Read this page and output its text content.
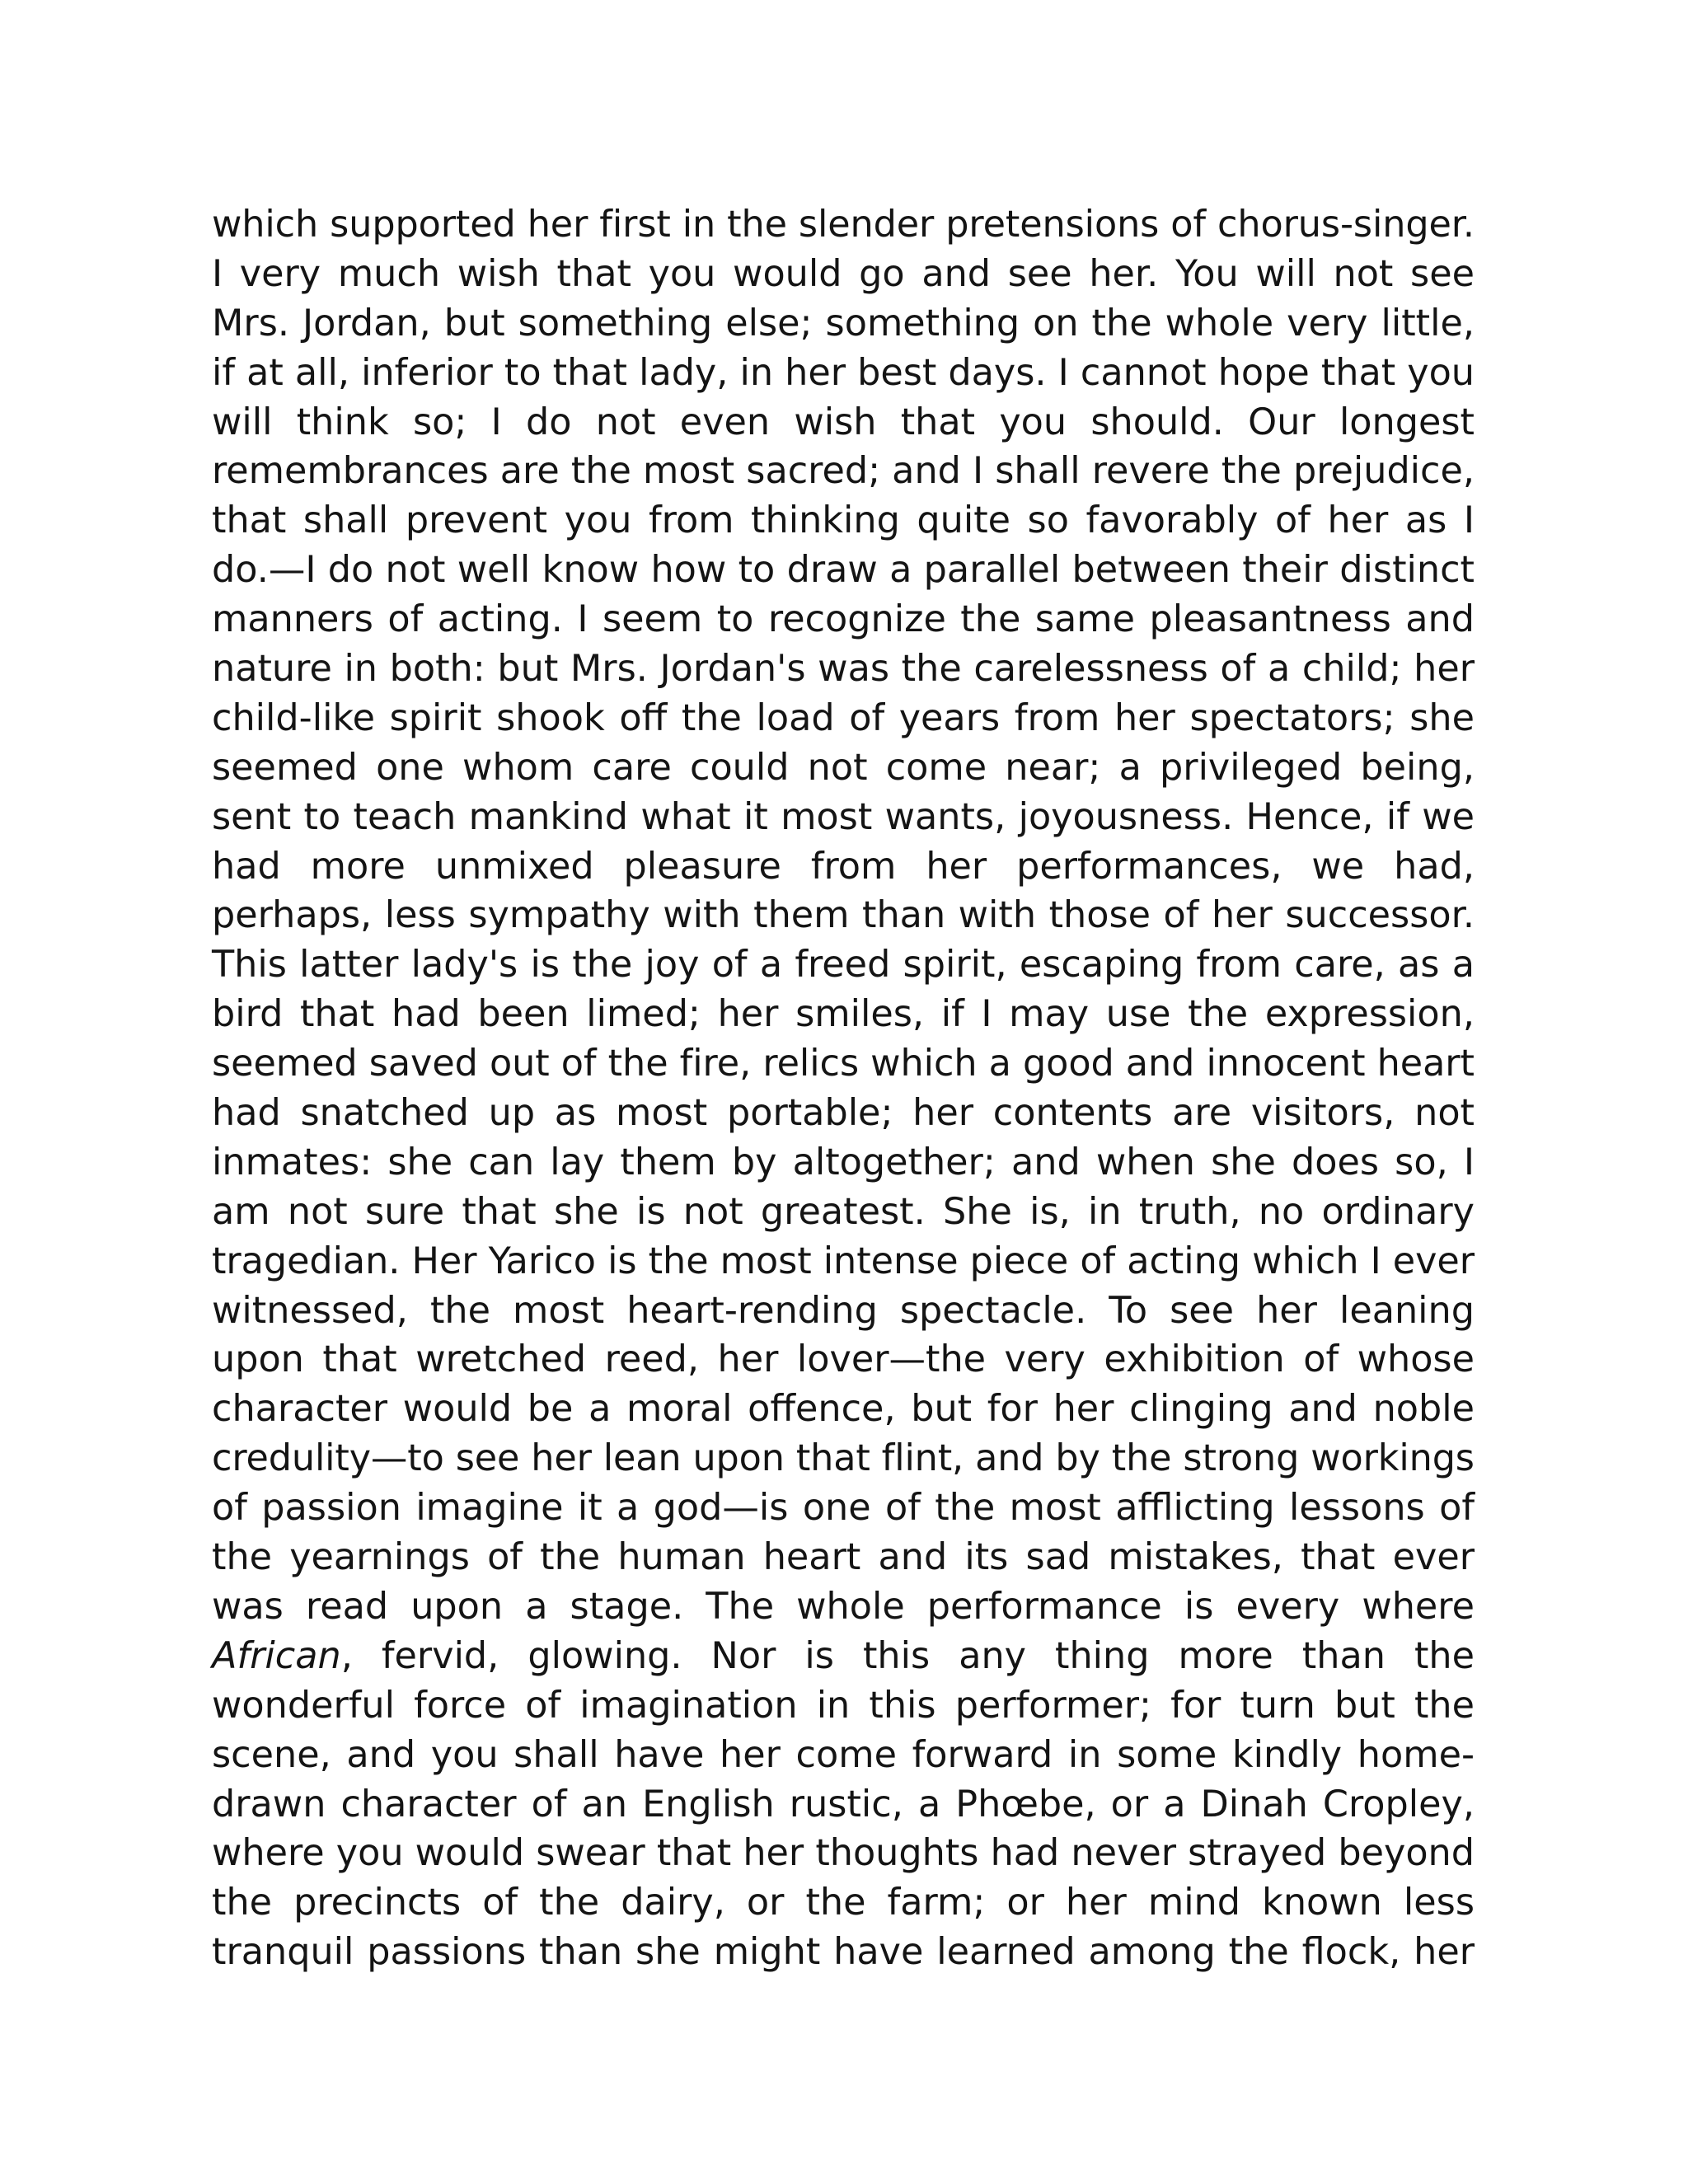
which supported her first in the slender pretensions of chorus-singer.
I very much wish that you would go and see her. You will not see
Mrs. Jordan, but something else; something on the whole very little,
if at all, inferior to that lady, in her best days. I cannot hope that you
will think so; I do not even wish that you should. Our longest
remembrances are the most sacred; and I shall revere the prejudice,
that shall prevent you from thinking quite so favorably of her as I
do.—I do not well know how to draw a parallel between their distinct
manners of acting. I seem to recognize the same pleasantness and
nature in both: but Mrs. Jordan's was the carelessness of a child; her
child-like spirit shook off the load of years from her spectators; she
seemed one whom care could not come near; a privileged being,
sent to teach mankind what it most wants, joyousness. Hence, if we
had more unmixed pleasure from her performances, we had,
perhaps, less sympathy with them than with those of her successor.
This latter lady's is the joy of a freed spirit, escaping from care, as a
bird that had been limed; her smiles, if I may use the expression,
seemed saved out of the fire, relics which a good and innocent heart
had snatched up as most portable; her contents are visitors, not
inmates: she can lay them by altogether; and when she does so, I
am not sure that she is not greatest. She is, in truth, no ordinary
tragedian. Her Yarico is the most intense piece of acting which I ever
witnessed, the most heart-rending spectacle. To see her leaning
upon that wretched reed, her lover—the very exhibition of whose
character would be a moral offence, but for her clinging and noble
credulity—to see her lean upon that flint, and by the strong workings
of passion imagine it a god—is one of the most afflicting lessons of
the yearnings of the human heart and its sad mistakes, that ever
was read upon a stage. The whole performance is every where
African, fervid, glowing. Nor is this any thing more than the
wonderful force of imagination in this performer; for turn but the
scene, and you shall have her come forward in some kindly home-
drawn character of an English rustic, a Phœbe, or a Dinah Cropley,
where you would swear that her thoughts had never strayed beyond
the precincts of the dairy, or the farm; or her mind known less
tranquil passions than she might have learned among the flock, her
